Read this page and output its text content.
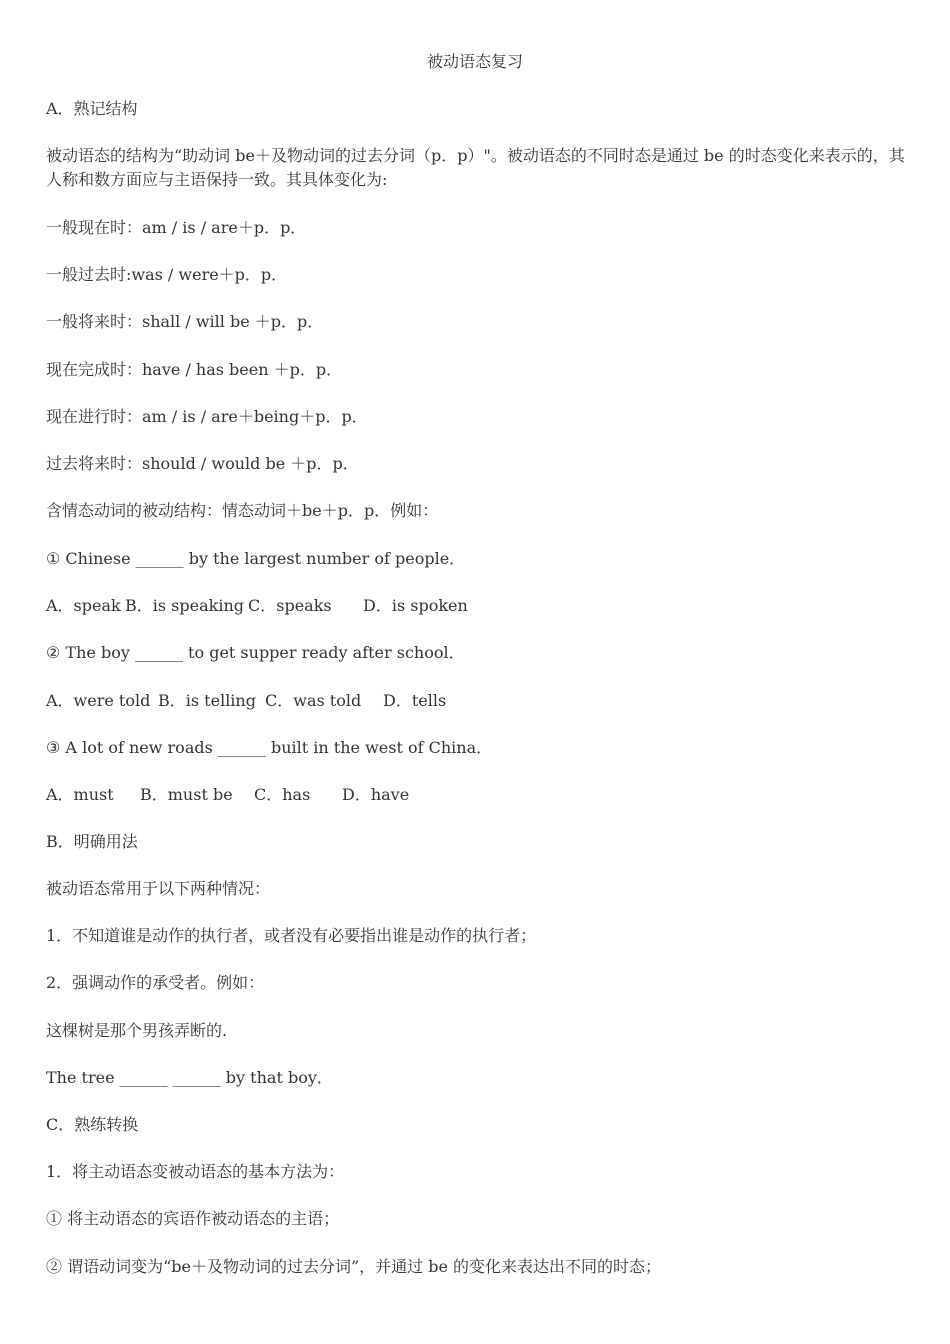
被动语态复习
A．熟记结构
被动语态的结构为“助动词 be＋及物动词的过去分词（p．p）"。被动语态的不同时态是通过 be 的时态变化来表示的，其人称和数方面应与主语保持一致。其具体变化为:
一般现在时：am / is / are＋p．p．
一般过去时:was / were＋p．p．
一般将来时：shall / will be ＋p．p．
现在完成时：have / has been ＋p．p．
现在进行时：am / is / are＋being＋p．p．
过去将来时：should / would be ＋p．p．
含情态动词的被动结构：情态动词＋be＋p．p．例如：
① Chinese ______ by the largest number of people．
A．speak B．is speaking C．speaks D．is spoken
② The boy ______ to get supper ready after school．
A．were told B．is telling C．was told D．tells
③ A lot of new roads ______ built in the west of China．
A．must B．must be C．has D．have
B．明确用法
被动语态常用于以下两种情况：
1．不知道谁是动作的执行者，或者没有必要指出谁是动作的执行者；
2．强调动作的承受者。例如：
这棵树是那个男孩弄断的.
The tree ______ ______ by that boy．
C．熟练转换
1．将主动语态变被动语态的基本方法为：
① 将主动语态的宾语作被动语态的主语；
② 谓语动词变为“be＋及物动词的过去分词”，并通过 be 的变化来表达出不同的时态；
